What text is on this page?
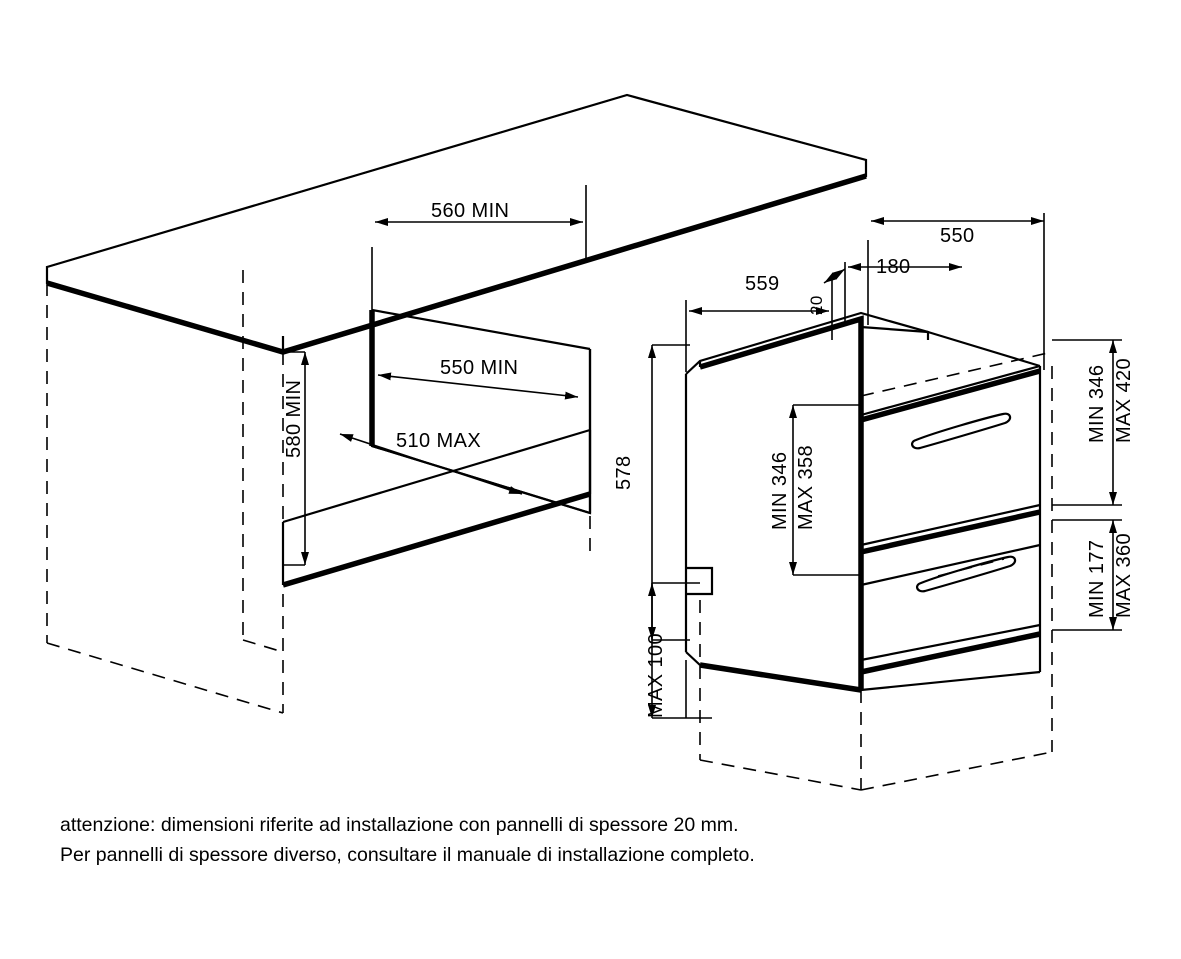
560 MIN
550 MIN
510 MAX
580 MIN
559
20
180
550
578	MIN 346 MAX 358
MIN 346 MAX 420
MIN 177 MAX 360
MAX 100
attenzione: dimensioni riferite ad installazione con pannelli di spessore 20 mm.
Per pannelli di spessore diverso, consultare il manuale di installazione completo.
